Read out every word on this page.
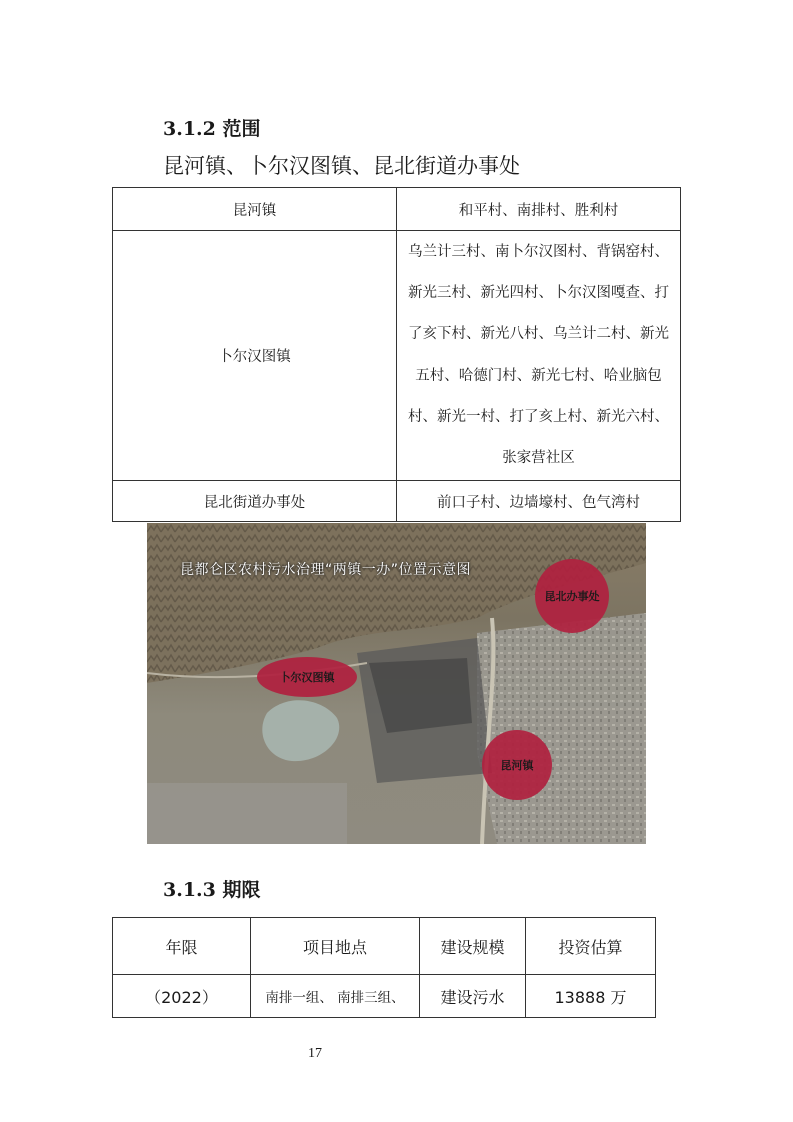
3.1.2 范围
昆河镇、卜尔汉图镇、昆北街道办事处
昆河镇	和平村、南排村、胜利村
卜尔汉图镇	乌兰计三村、南卜尔汉图村、背锅窑村、新光三村、新光四村、卜尔汉图嘎查、打了亥下村、新光八村、乌兰计二村、新光五村、哈德门村、新光七村、哈业脑包村、新光一村、打了亥上村、新光六村、张家营社区
昆北街道办事处	前口子村、边墙壕村、色气湾村
昆北办事处
卜尔汉图镇
昆河镇
昆都仑区农村污水治理“两镇一办”位置示意图
3.1.3 期限
年限	项目地点	建设规模	投资估算
（2022）	南排一组、 南排三组、	建设污水	13888 万
17
